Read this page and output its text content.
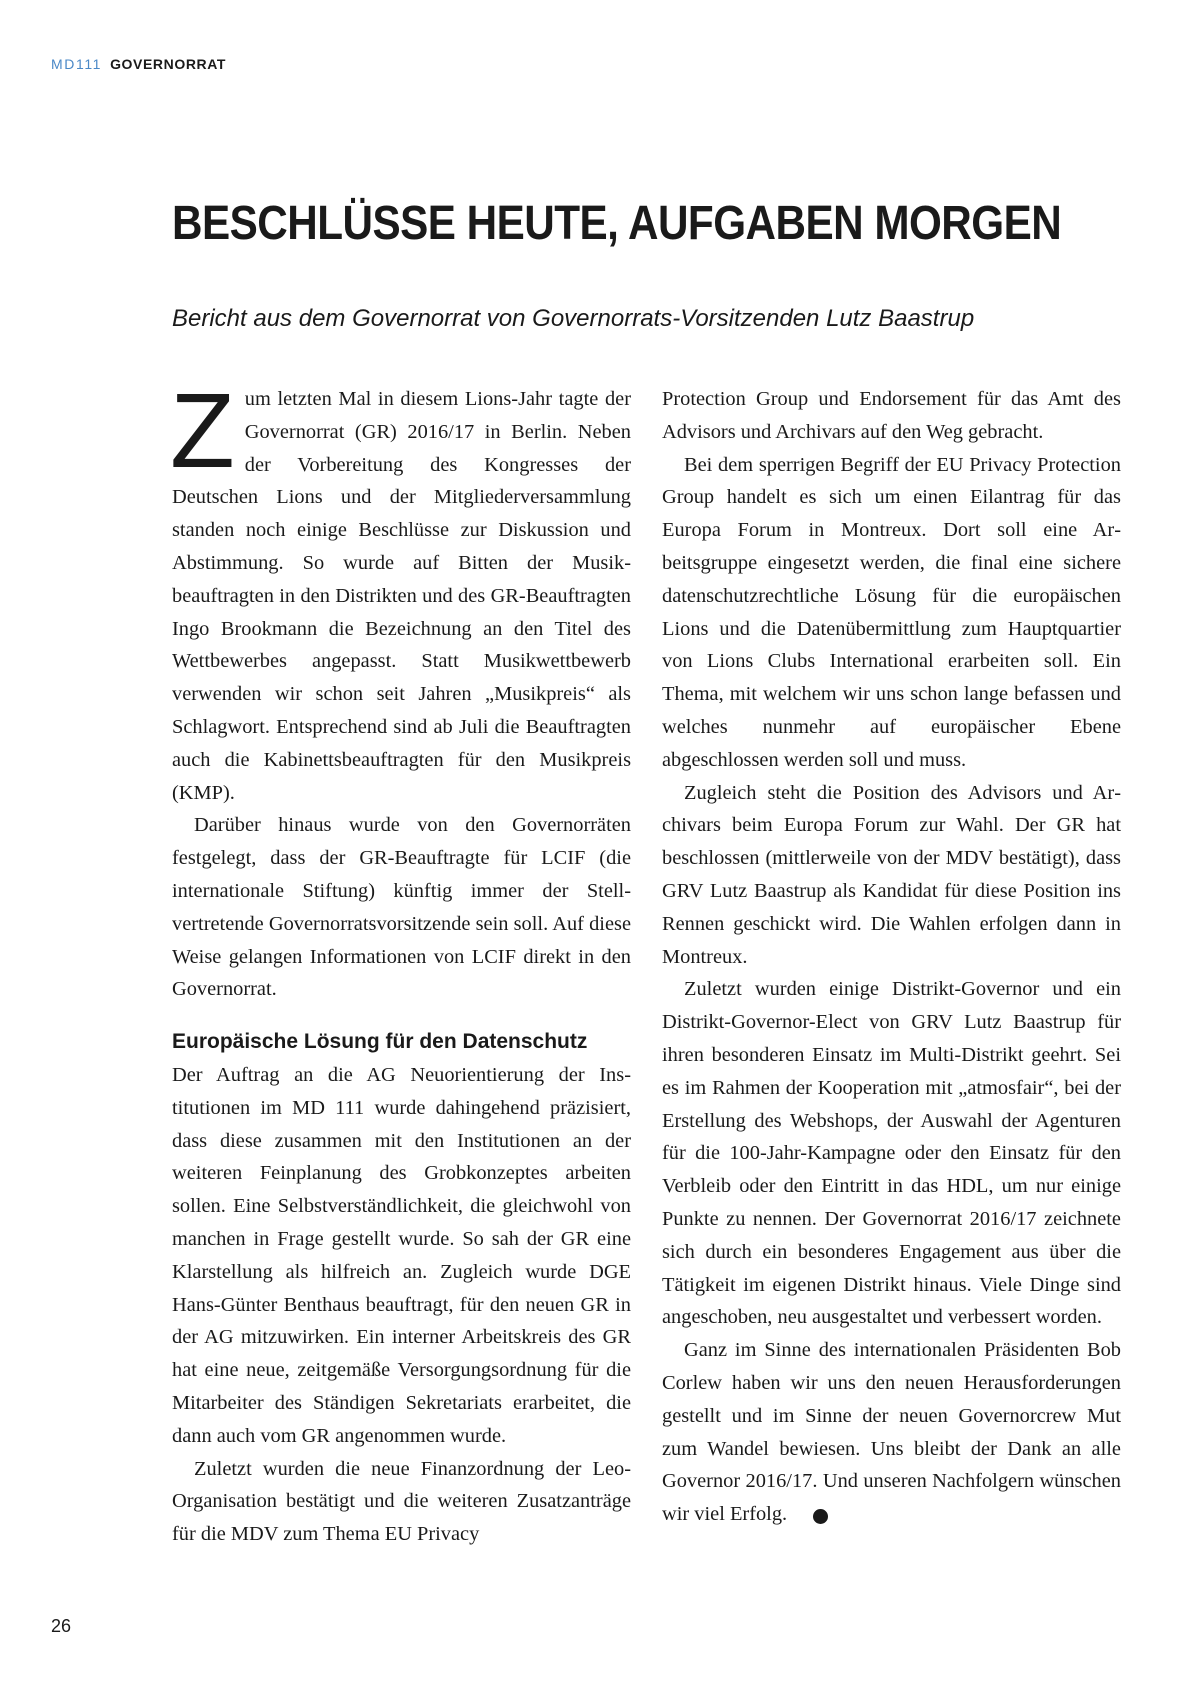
MD111 GOVERNORRAT
BESCHLÜSSE HEUTE, AUFGABEN MORGEN

Bericht aus dem Governorrat von Governorrats-Vorsitzenden Lutz Baastrup

Zum letzten Mal in diesem Lions-Jahr tagte der Governorrat (GR) 2016/17 in Berlin. Neben der Vorbereitung des Kongresses der Deutschen Lions und der Mitgliederversammlung standen noch einige Beschlüsse zur Diskussion und Abstimmung. So wurde auf Bitten der Musikbeauftragten in den Distrikten und des GR-Beauftragten Ingo Brookmann die Bezeichnung an den Titel des Wettbewerbes angepasst. Statt Musikwettbewerb verwenden wir schon seit Jahren „Musikpreis“ als Schlagwort. Entsprechend sind ab Juli die Beauftragten auch die Kabinettsbeauftragten für den Musikpreis (KMP).

Darüber hinaus wurde von den Governorräten festgelegt, dass der GR-Beauftragte für LCIF (die internationale Stiftung) künftig immer der Stellvertretende Governorratsvorsitzende sein soll. Auf diese Weise gelangen Informationen von LCIF direkt in den Governorrat.

Europäische Lösung für den Datenschutz

Der Auftrag an die AG Neuorientierung der Institutionen im MD 111 wurde dahingehend präzisiert, dass diese zusammen mit den Institutionen an der weiteren Feinplanung des Grobkonzeptes arbeiten sollen. Eine Selbstverständlichkeit, die gleichwohl von manchen in Frage gestellt wurde. So sah der GR eine Klarstellung als hilfreich an. Zugleich wurde DGE Hans-Günter Benthaus beauftragt, für den neuen GR in der AG mitzuwirken. Ein interner Arbeitskreis des GR hat eine neue, zeitgemäße Versorgungsordnung für die Mitarbeiter des Ständigen Sekretariats erarbeitet, die dann auch vom GR angenommen wurde.

Zuletzt wurden die neue Finanzordnung der Leo-Organisation bestätigt und die weiteren Zusatzanträge für die MDV zum Thema EU Privacy

Protection Group und Endorsement für das Amt des Advisors und Archivars auf den Weg gebracht.

Bei dem sperrigen Begriff der EU Privacy Protection Group handelt es sich um einen Eilantrag für das Europa Forum in Montreux. Dort soll eine Arbeitsgruppe eingesetzt werden, die final eine sichere datenschutzrechtliche Lösung für die europäischen Lions und die Datenübermittlung zum Hauptquartier von Lions Clubs International erarbeiten soll. Ein Thema, mit welchem wir uns schon lange befassen und welches nunmehr auf europäischer Ebene abgeschlossen werden soll und muss.

Zugleich steht die Position des Advisors und Archivars beim Europa Forum zur Wahl. Der GR hat beschlossen (mittlerweile von der MDV bestätigt), dass GRV Lutz Baastrup als Kandidat für diese Position ins Rennen geschickt wird. Die Wahlen erfolgen dann in Montreux.

Zuletzt wurden einige Distrikt-Governor und ein Distrikt-Governor-Elect von GRV Lutz Baastrup für ihren besonderen Einsatz im Multi-Distrikt geehrt. Sei es im Rahmen der Kooperation mit „atmosfair“, bei der Erstellung des Webshops, der Auswahl der Agenturen für die 100-Jahr-Kampagne oder den Einsatz für den Verbleib oder den Eintritt in das HDL, um nur einige Punkte zu nennen. Der Governorrat 2016/17 zeichnete sich durch ein besonderes Engagement aus über die Tätigkeit im eigenen Distrikt hinaus. Viele Dinge sind angeschoben, neu ausgestaltet und verbessert worden.

Ganz im Sinne des internationalen Präsidenten Bob Corlew haben wir uns den neuen Herausforderungen gestellt und im Sinne der neuen Governorcrew Mut zum Wandel bewiesen. Uns bleibt der Dank an alle Governor 2016/17. Und unseren Nachfolgern wünschen wir viel Erfolg.	L

26
